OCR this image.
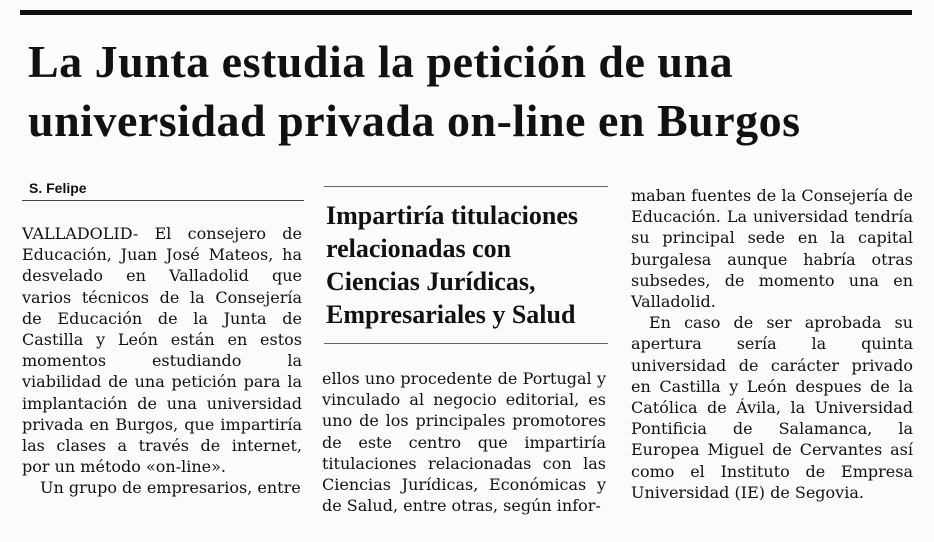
La Junta estudia la petición de una universidad privada on-line en Burgos
S. Felipe

VALLADOLID- El consejero de Educación, Juan José Mateos, ha desvelado en Valladolid que varios técnicos de la Consejería de Educación de la Junta de Castilla y León están en estos momentos estudiando la viabilidad de una petición para la implantación de una universidad privada en Burgos, que impartiría las clases a través de internet, por un método «on-line».

Un grupo de empresarios, entre

Impartiría titulaciones relacionadas con Ciencias Jurídicas, Empresariales y Salud

ellos uno procedente de Portugal y vinculado al negocio editorial, es uno de los principales promotores de este centro que impartiría titulaciones relacionadas con las Ciencias Jurídicas, Económicas y de Salud, entre otras, según infor-

maban fuentes de la Consejería de Educación. La universidad tendría su principal sede en la capital burgalesa aunque habría otras subsedes, de momento una en Valladolid.

En caso de ser aprobada su apertura sería la quinta universidad de carácter privado en Castilla y León despues de la Católica de Ávila, la Universidad Pontificia de Salamanca, la Europea Miguel de Cervantes así como el Instituto de Empresa Universidad (IE) de Segovia.
